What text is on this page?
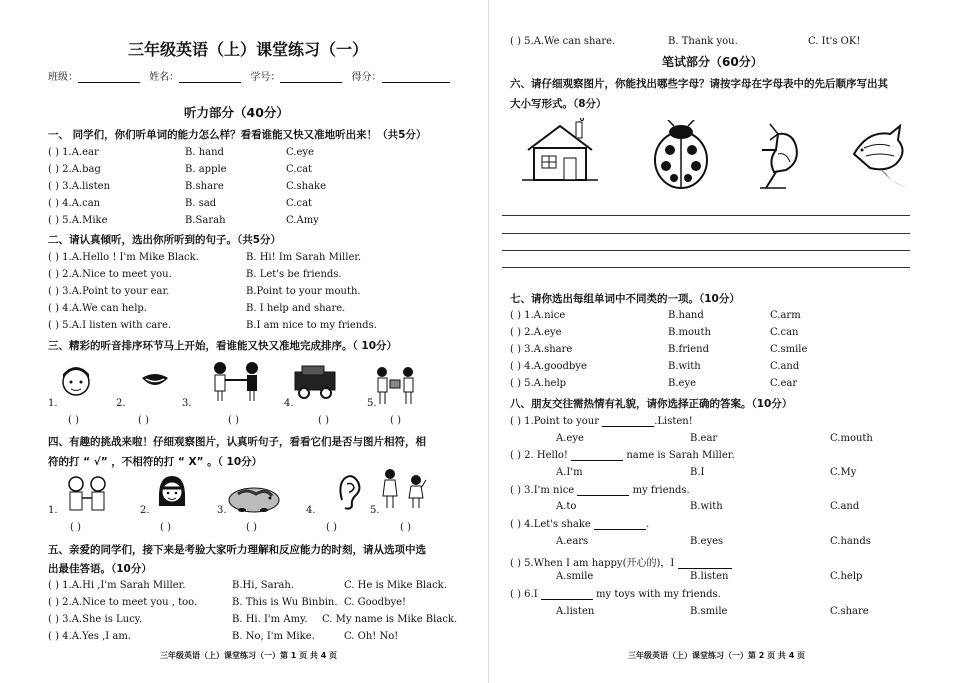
三年级英语（上）课堂练习（一）
班级：	姓名：	学号：	得分：
听力部分（40分）
一、 同学们，你们听单词的能力怎么样？看看谁能又快又准地听出来！（共5分）
( ) 1.A.ear	B. hand	C.eye
( ) 2.A.bag	B. apple	C.cat
( ) 3.A.listen	B.share	C.shake
( ) 4.A.can	B. sad	C.cat
( ) 5.A.Mike	B.Sarah	C.Amy
二、请认真倾听，选出你所听到的句子。（共5分）
( ) 1.A.Hello ! I'm Mike Black.	B. Hi! Im Sarah Miller.
( ) 2.A.Nice to meet you.	B. Let's be friends.
( ) 3.A.Point to your ear.	B.Point to your mouth.
( ) 4.A.We can help.	B. I help and share.
( ) 5.A.I listen with care.	B.I am nice to my friends.
三、精彩的听音排序环节马上开始，看谁能又快又准地完成排序。（ 10分）
1.	2.	3.	4.	5.
( )	( )	( )	( )	( )
四、有趣的挑战来啦！仔细观察图片，认真听句子，看看它们是否与图片相符，相
符的打 “ √” ，不相符的打 “ X” 。（ 10分）
1.	2.	3.	4.	5.
( )	( )	( )	( )	( )
五、亲爱的同学们，接下来是考验大家听力理解和反应能力的时刻，请从选项中选
出最佳答语。（10分）
( ) 1.A.Hi ,I'm Sarah Miller.	B.Hi, Sarah.	C. He is Mike Black.
( ) 2.A.Nice to meet you , too.	B. This is Wu Binbin. C. Goodbye!
( ) 3.A.She is Lucy.	B. Hi. I'm Amy. C. My name is Mike Black.
( ) 4.A.Yes ,I am.	B. No, I'm Mike.	C. Oh! No!
三年级英语（上）课堂练习（一）第 1 页 共 4 页
( ) 5.A.We can share.	B. Thank you.	C. It's OK!
笔试部分（60分）
六、请仔细观察图片，你能找出哪些字母？请按字母在字母表中的先后顺序写出其
大小写形式。（8分）
七、请你选出每组单词中不同类的一项。（10分）
( ) 1.A.nice	B.hand	C.arm
( ) 2.A.eye	B.mouth	C.can
( ) 3.A.share	B.friend	C.smile
( ) 4.A.goodbye	B.with	C.and
( ) 5.A.help	B.eye	C.ear
八、朋友交往需热情有礼貌，请你选择正确的答案。（10分）
( ) 1.Point to your	.Listen!
A.eye	B.ear	C.mouth
( ) 2. Hello!	name is Sarah Miller.
A.I'm	B.I	C.My
( ) 3.I'm nice	my friends.
A.to	B.with	C.and
( ) 4.Let's shake	.
A.ears	B.eyes	C.hands
( ) 5.When I am happy(开心的)，I
A.smile	B.listen	C.help
( ) 6.I	my toys with my friends.
A.listen	B.smile	C.share
三年级英语（上）课堂练习（一）第 2 页 共 4 页
